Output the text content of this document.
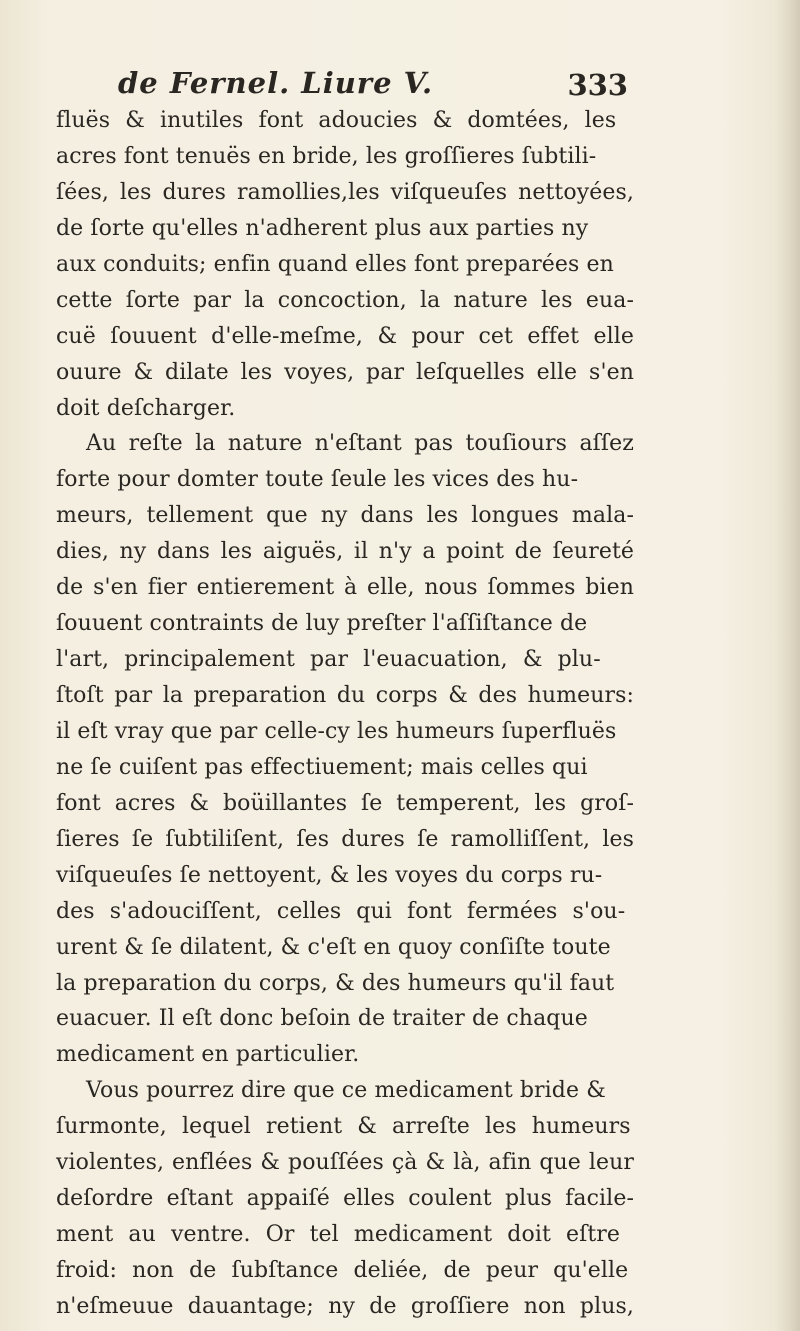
de Fernel. Liure V.	333
fluës & inutiles font adoucies & domtées, les
acres font tenuës en bride, les groſſieres ſubtili-
ſées, les dures ramollies,les viſqueuſes nettoyées,
de ſorte qu'elles n'adherent plus aux parties ny
aux conduits; enfin quand elles font preparées en
cette ſorte par la concoction, la nature les eua-
cuë ſouuent d'elle-meſme, & pour cet effet elle
ouure & dilate les voyes, par leſquelles elle s'en
doit deſcharger.
Au reſte la nature n'eſtant pas touſiours aſſez
forte pour domter toute ſeule les vices des hu-
meurs, tellement que ny dans les longues mala-
dies, ny dans les aiguës, il n'y a point de ſeureté
de s'en fier entierement à elle, nous ſommes bien
ſouuent contraints de luy preſter l'aſſiſtance de
l'art, principalement par l'euacuation, & plu-
ſtoſt par la preparation du corps & des humeurs:
il eſt vray que par celle-cy les humeurs ſuperfluës
ne ſe cuiſent pas effectiuement; mais celles qui
font acres & boüillantes ſe temperent, les groſ-
ſieres ſe ſubtiliſent, ſes dures ſe ramolliſſent, les
viſqueuſes ſe nettoyent, & les voyes du corps ru-
des s'adouciſſent, celles qui font fermées s'ou-
urent & ſe dilatent, & c'eſt en quoy conſiſte toute
la preparation du corps, & des humeurs qu'il faut
euacuer. Il eſt donc beſoin de traiter de chaque
medicament en particulier.
Vous pourrez dire que ce medicament bride &
ſurmonte, lequel retient & arreſte les humeurs
violentes, enflées & pouſſées çà & là, afin que leur
deſordre eſtant appaiſé elles coulent plus facile-
ment au ventre. Or tel medicament doit eſtre
froid: non de ſubſtance deliée, de peur qu'elle
n'eſmeuue dauantage; ny de groſſiere non plus,
